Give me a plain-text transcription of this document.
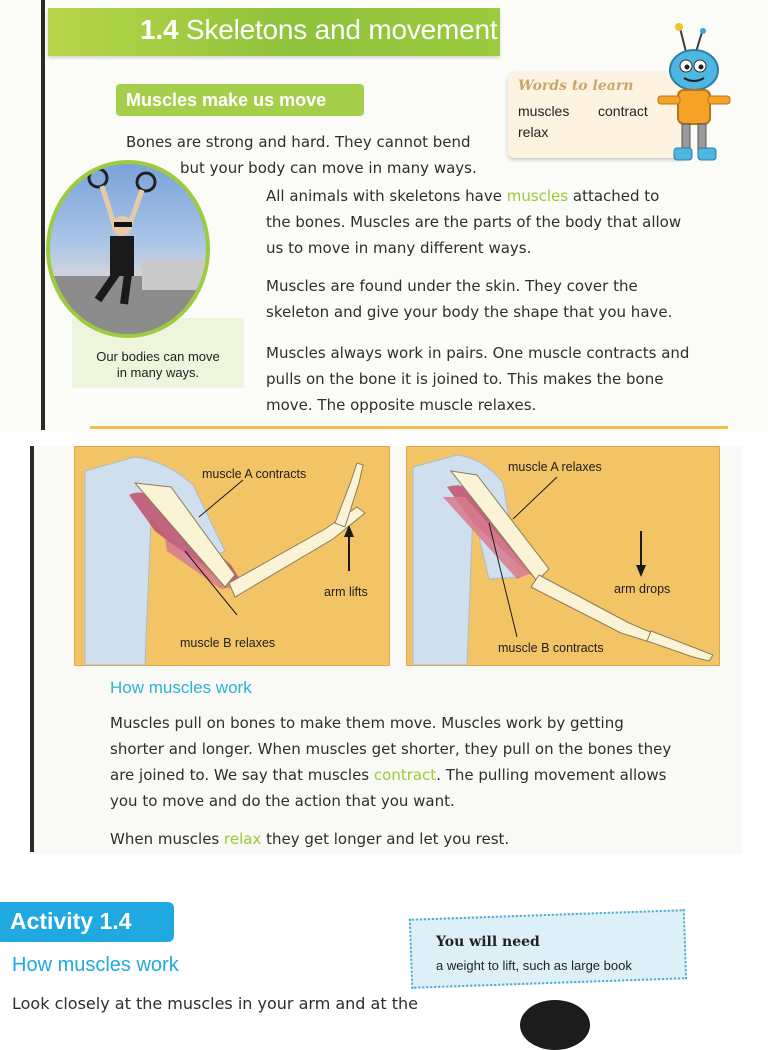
1.4 Skeletons and movement
Muscles make us move
Words to learn
muscles contract
relax
Bones are strong and hard. They cannot bend
but your body can move in many ways.
Our bodies can move
in many ways.
All animals with skeletons have muscles attached to
the bones. Muscles are the parts of the body that allow
us to move in many different ways.
Muscles are found under the skin. They cover the
skeleton and give your body the shape that you have.
Muscles always work in pairs. One muscle contracts and
pulls on the bone it is joined to. This makes the bone
move. The opposite muscle relaxes.
muscle A contracts
arm lifts
muscle B relaxes
muscle A relaxes
arm drops
muscle B contracts
How muscles work
Muscles pull on bones to make them move. Muscles work by getting
shorter and longer. When muscles get shorter, they pull on the bones they
are joined to. We say that muscles contract. The pulling movement allows
you to move and do the action that you want.
When muscles relax they get longer and let you rest.
Activity 1.4
How muscles work
You will need
a weight to lift, such as large book
Look closely at the muscles in your arm and at the
